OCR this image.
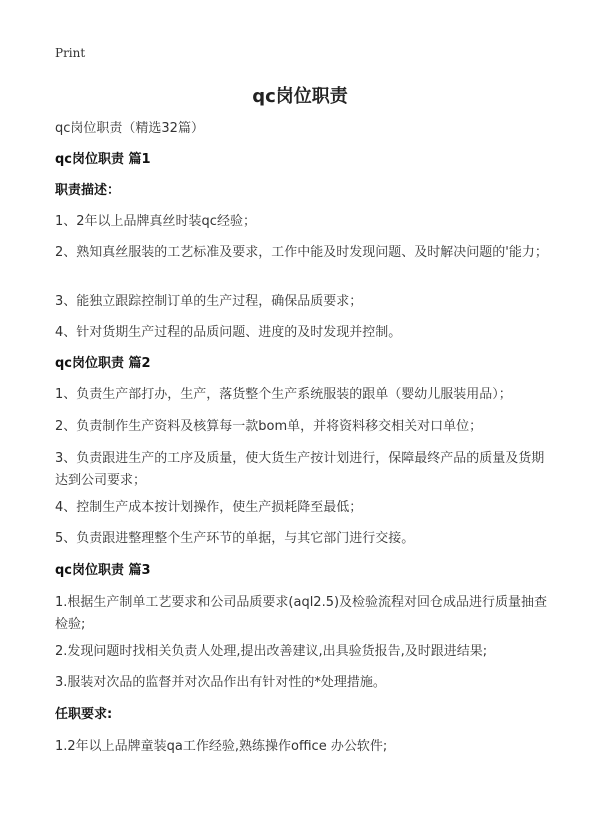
Print
qc岗位职责
qc岗位职责（精选32篇）
qc岗位职责 篇1
职责描述：
1、2年以上品牌真丝时装qc经验；
2、熟知真丝服装的工艺标准及要求，工作中能及时发现问题、及时解决问题的'能力；
3、能独立跟踪控制订单的生产过程，确保品质要求；
4、针对货期生产过程的品质问题、进度的及时发现并控制。
qc岗位职责 篇2
1、负责生产部打办，生产，落货整个生产系统服装的跟单（婴幼儿服装用品）；
2、负责制作生产资料及核算每一款bom单，并将资料移交相关对口单位；
3、负责跟进生产的工序及质量，使大货生产按计划进行，保障最终产品的质量及货期达到公司要求；
4、控制生产成本按计划操作，使生产损耗降至最低；
5、负责跟进整理整个生产环节的单据，与其它部门进行交接。
qc岗位职责 篇3
1.根据生产制单工艺要求和公司品质要求(aql2.5)及检验流程对回仓成品进行质量抽查检验;
2.发现问题时找相关负责人处理,提出改善建议,出具验货报告,及时跟进结果;
3.服装对次品的监督并对次品作出有针对性的*处理措施。
任职要求:
1.2年以上品牌童装qa工作经验,熟练操作office 办公软件;
